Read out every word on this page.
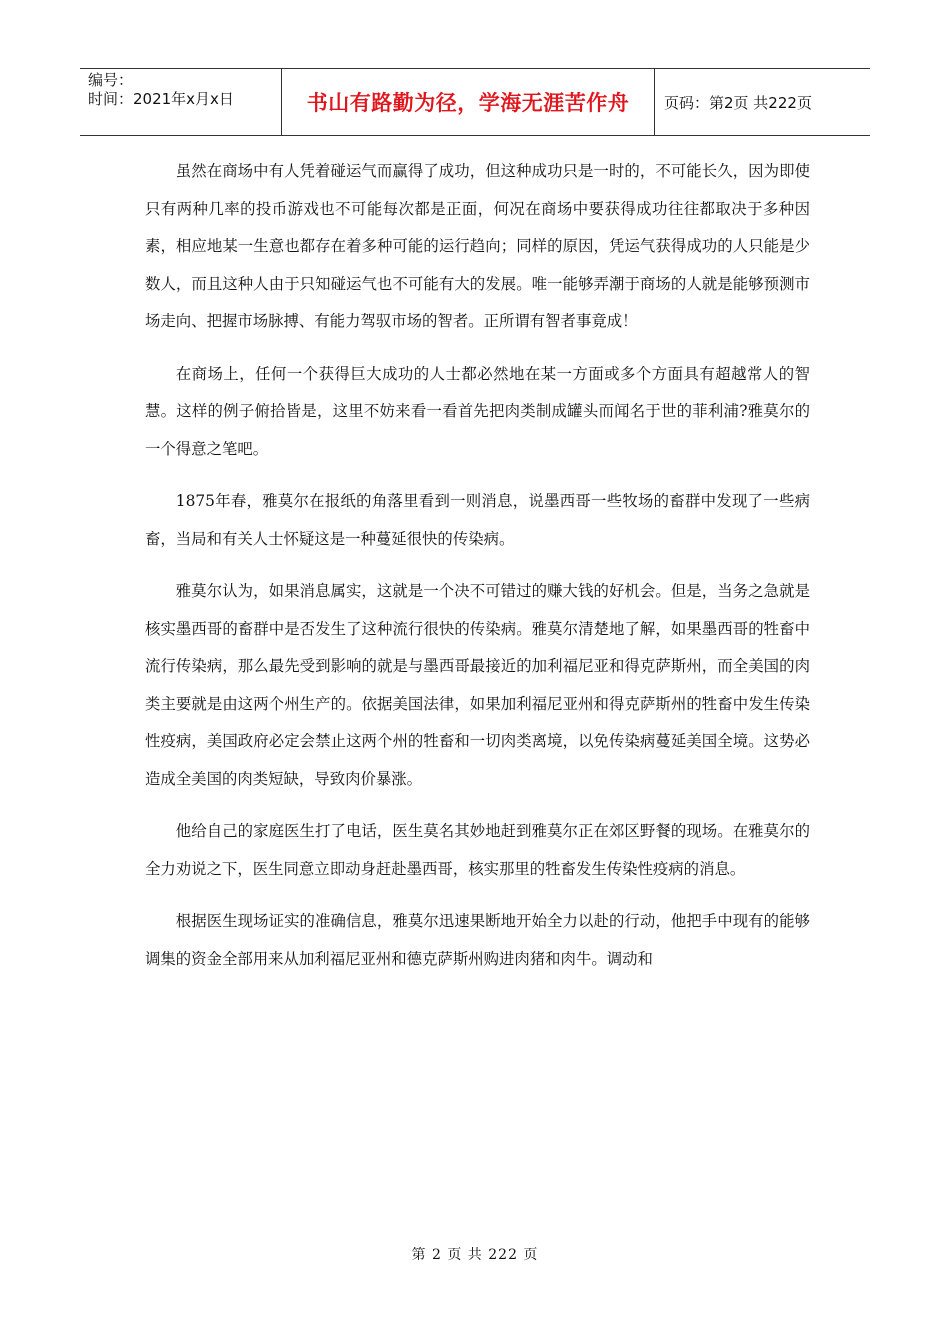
编号：
时间：2021年x月x日	书山有路勤为径，学海无涯苦作舟 页码：第2页 共222页

虽然在商场中有人凭着碰运气而赢得了成功，但这种成功只是一时的，不可能长久，因为即使只有两种几率的投币游戏也不可能每次都是正面，何况在商场中要获得成功往往都取决于多种因素，相应地某一生意也都存在着多种可能的运行趋向；同样的原因，凭运气获得成功的人只能是少数人，而且这种人由于只知碰运气也不可能有大的发展。唯一能够弄潮于商场的人就是能够预测市场走向、把握市场脉搏、有能力驾驭市场的智者。正所谓有智者事竟成！

在商场上，任何一个获得巨大成功的人士都必然地在某一方面或多个方面具有超越常人的智慧。这样的例子俯拾皆是，这里不妨来看一看首先把肉类制成罐头而闻名于世的菲利浦?雅莫尔的一个得意之笔吧。

1875年春，雅莫尔在报纸的角落里看到一则消息，说墨西哥一些牧场的畜群中发现了一些病畜，当局和有关人士怀疑这是一种蔓延很快的传染病。

雅莫尔认为，如果消息属实，这就是一个决不可错过的赚大钱的好机会。但是，当务之急就是核实墨西哥的畜群中是否发生了这种流行很快的传染病。雅莫尔清楚地了解，如果墨西哥的牲畜中流行传染病，那么最先受到影响的就是与墨西哥最接近的加利福尼亚和得克萨斯州，而全美国的肉类主要就是由这两个州生产的。依据美国法律，如果加利福尼亚州和得克萨斯州的牲畜中发生传染性疫病，美国政府必定会禁止这两个州的牲畜和一切肉类离境，以免传染病蔓延美国全境。这势必造成全美国的肉类短缺，导致肉价暴涨。

他给自己的家庭医生打了电话，医生莫名其妙地赶到雅莫尔正在郊区野餐的现场。在雅莫尔的全力劝说之下，医生同意立即动身赶赴墨西哥，核实那里的牲畜发生传染性疫病的消息。

根据医生现场证实的准确信息，雅莫尔迅速果断地开始全力以赴的行动，他把手中现有的能够调集的资金全部用来从加利福尼亚州和德克萨斯州购进肉猪和肉牛。调动和

第 2 页 共 222 页
